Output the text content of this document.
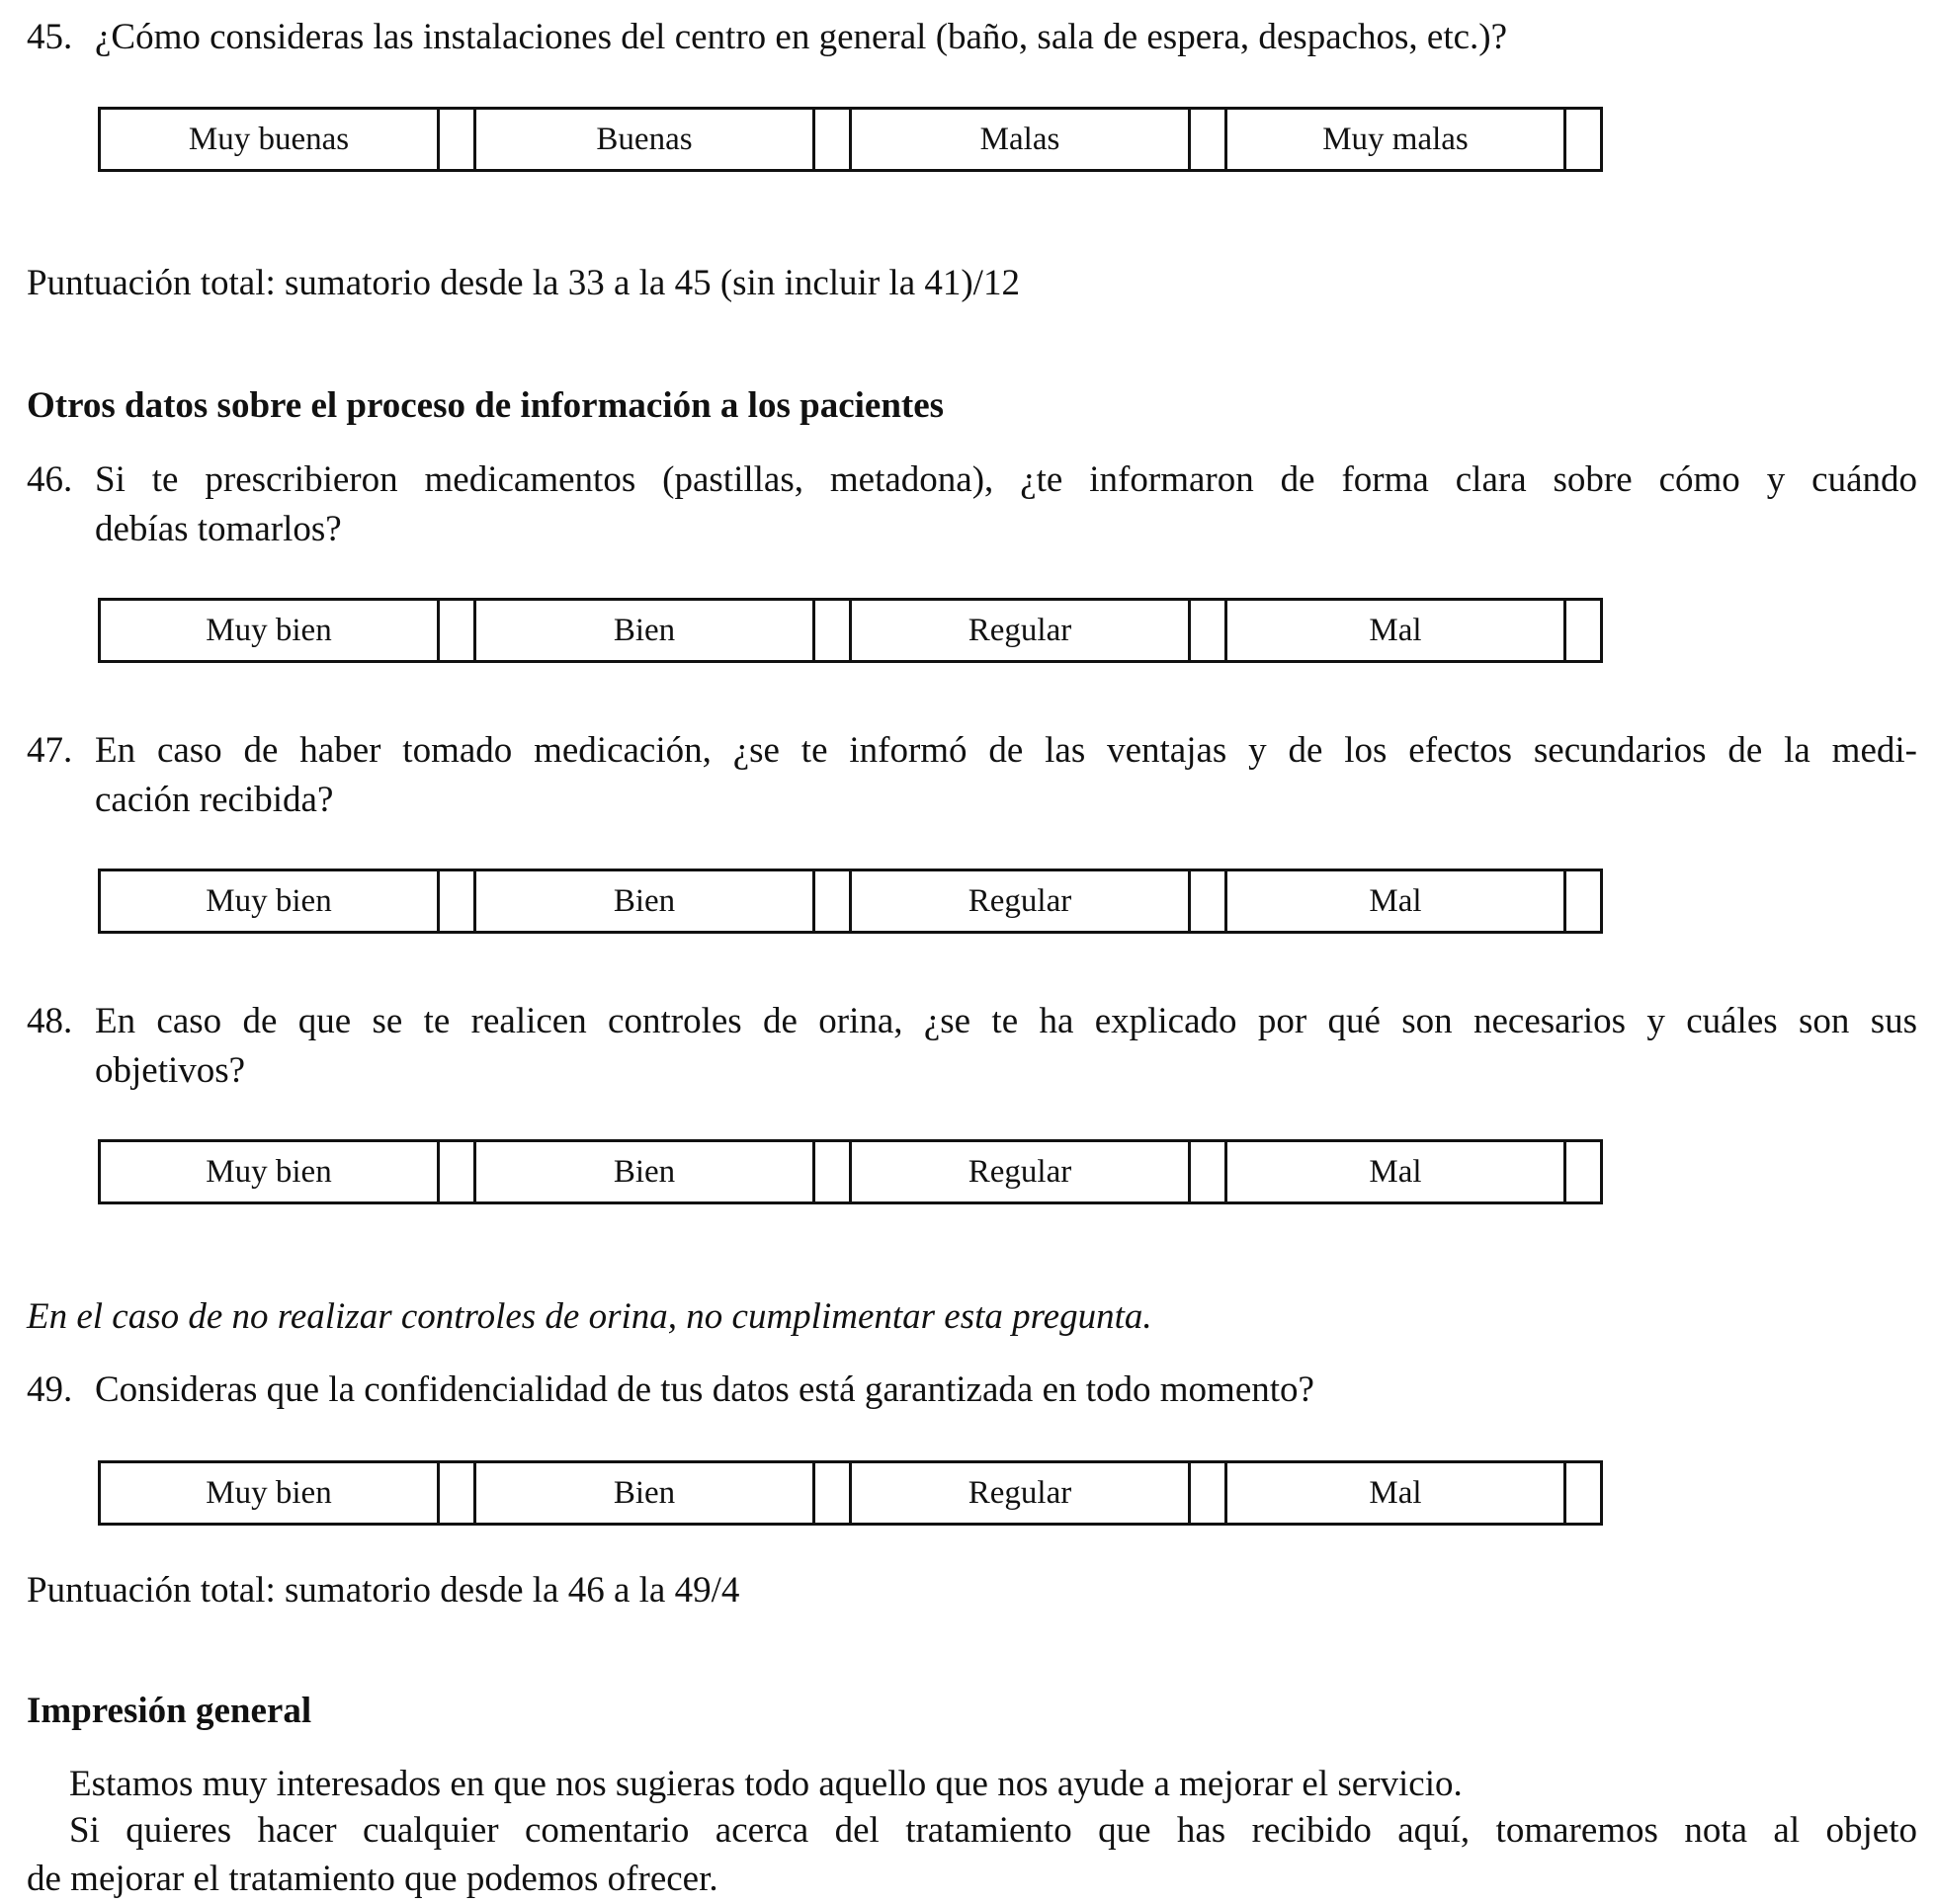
45. ¿Cómo consideras las instalaciones del centro en general (baño, sala de espera, despachos, etc.)?
Muy buenas	Buenas	Malas	Muy malas
Puntuación total: sumatorio desde la 33 a la 45 (sin incluir la 41)/12
Otros datos sobre el proceso de información a los pacientes
46. Si te prescribieron medicamentos (pastillas, metadona), ¿te informaron de forma clara sobre cómo y cuándo
debías tomarlos?
Muy bien	Bien	Regular	Mal
47. En caso de haber tomado medicación, ¿se te informó de las ventajas y de los efectos secundarios de la medi-
cación recibida?
Muy bien	Bien	Regular	Mal
48. En caso de que se te realicen controles de orina, ¿se te ha explicado por qué son necesarios y cuáles son sus
objetivos?
Muy bien	Bien	Regular	Mal
En el caso de no realizar controles de orina, no cumplimentar esta pregunta.
49. Consideras que la confidencialidad de tus datos está garantizada en todo momento?
Muy bien	Bien	Regular	Mal
Puntuación total: sumatorio desde la 46 a la 49/4
Impresión general
Estamos muy interesados en que nos sugieras todo aquello que nos ayude a mejorar el servicio.
Si quieres hacer cualquier comentario acerca del tratamiento que has recibido aquí, tomaremos nota al objeto
de mejorar el tratamiento que podemos ofrecer.
